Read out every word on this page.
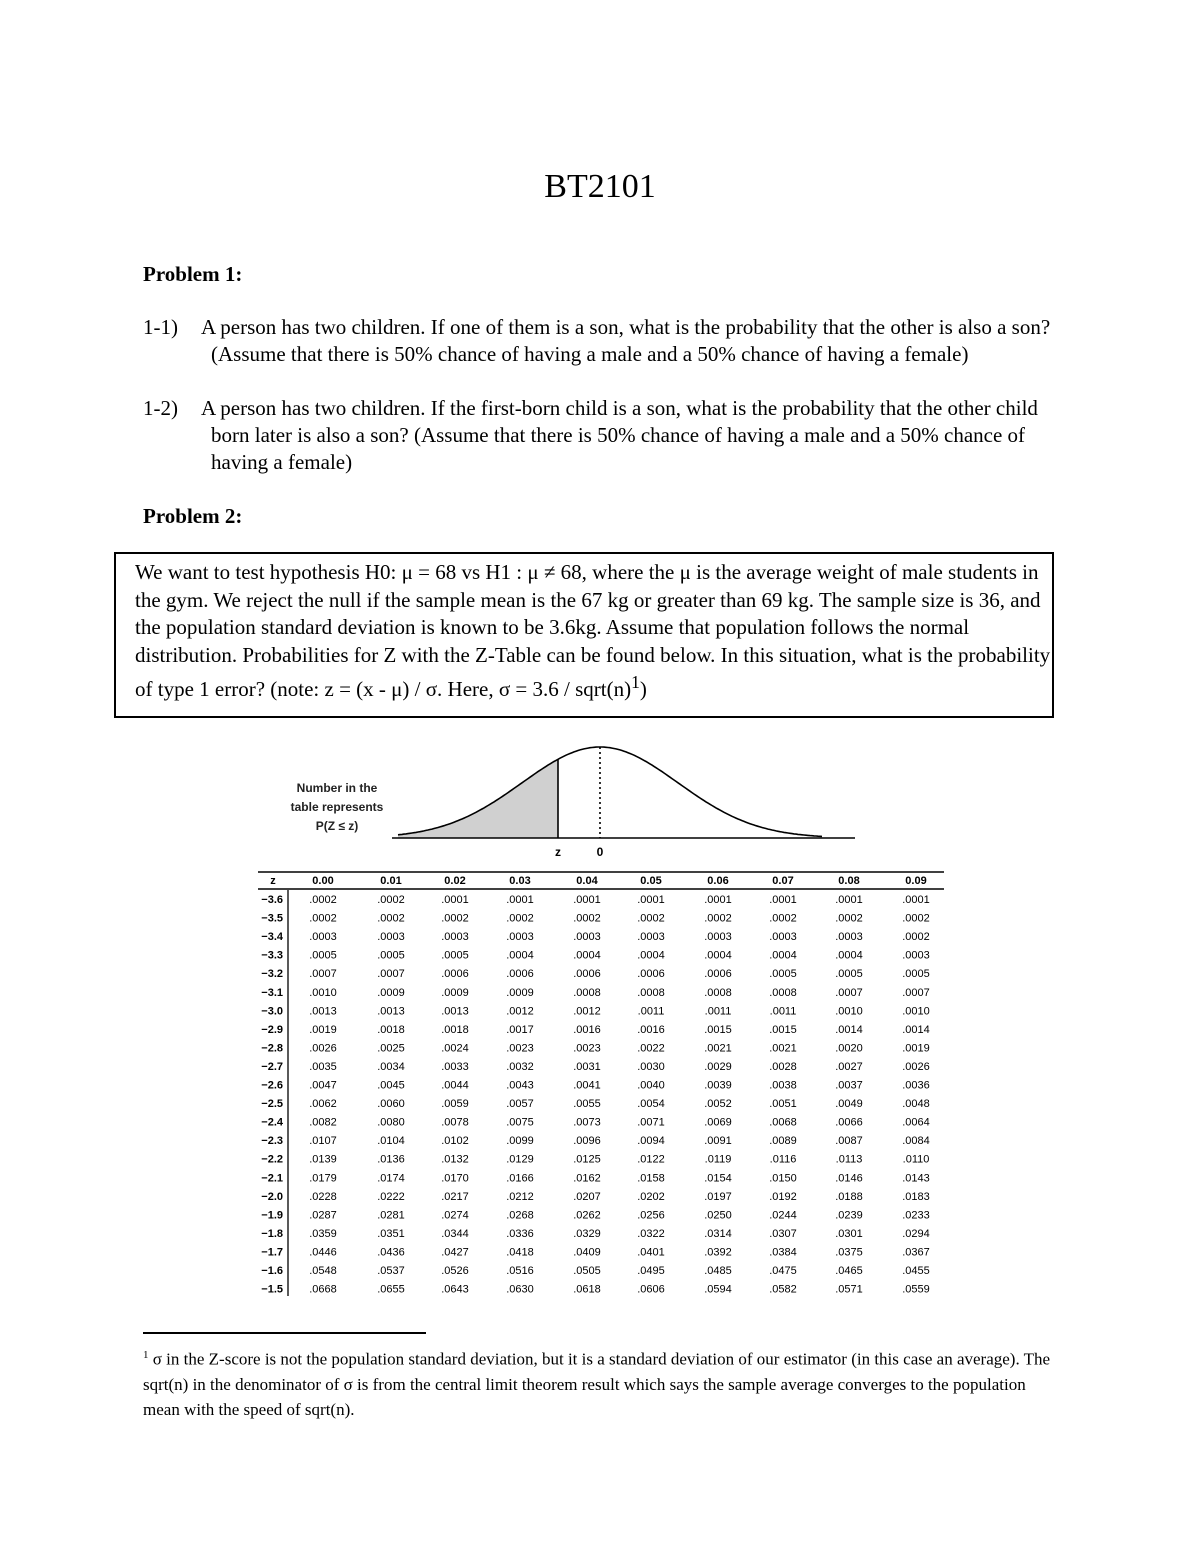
BT2101
Problem 1:
1-1)	A person has two children. If one of them is a son, what is the probability that the other is also a son? (Assume that there is 50% chance of having a male and a 50% chance of having a female)
1-2)	A person has two children. If the first-born child is a son, what is the probability that the other child born later is also a son? (Assume that there is 50% chance of having a male and a 50% chance of having a female)
Problem 2:
We want to test hypothesis H0: μ = 68 vs H1 : μ ≠ 68, where the μ is the average weight of male students in the gym. We reject the null if the sample mean is the 67 kg or greater than 69 kg. The sample size is 36, and the population standard deviation is known to be 3.6kg. Assume that population follows the normal distribution. Probabilities for Z with the Z-Table can be found below. In this situation, what is the probability of type 1 error? (note: z = (x - μ) / σ. Here, $\sigma = 3.6 / sqrt(n)^1$)
z	0
Number in the
table represents
P(Z ≤ z)
z	0.00	0.01	0.02	0.03	0.04	0.05	0.06	0.07	0.08	0.09
−3.6 .0002	.0002	.0001	.0001	.0001	.0001	.0001	.0001	.0001	.0001
−3.5 .0002	.0002	.0002	.0002	.0002	.0002	.0002	.0002	.0002	.0002
−3.4 .0003	.0003	.0003	.0003	.0003	.0003	.0003	.0003	.0003	.0002
−3.3 .0005	.0005	.0005	.0004	.0004	.0004	.0004	.0004	.0004	.0003
−3.2 .0007	.0007	.0006	.0006	.0006	.0006	.0006	.0005	.0005	.0005
−3.1 .0010	.0009	.0009	.0009	.0008	.0008	.0008	.0008	.0007	.0007
−3.0 .0013	.0013	.0013	.0012	.0012	.0011	.0011	.0011	.0010	.0010
−2.9 .0019	.0018	.0018	.0017	.0016	.0016	.0015	.0015	.0014	.0014
−2.8 .0026	.0025	.0024	.0023	.0023	.0022	.0021	.0021	.0020	.0019
−2.7 .0035	.0034	.0033	.0032	.0031	.0030	.0029	.0028	.0027	.0026
−2.6 .0047	.0045	.0044	.0043	.0041	.0040	.0039	.0038	.0037	.0036
−2.5 .0062	.0060	.0059	.0057	.0055	.0054	.0052	.0051	.0049	.0048
−2.4 .0082	.0080	.0078	.0075	.0073	.0071	.0069	.0068	.0066	.0064
−2.3 .0107	.0104	.0102	.0099	.0096	.0094	.0091	.0089	.0087	.0084
−2.2 .0139	.0136	.0132	.0129	.0125	.0122	.0119	.0116	.0113	.0110
−2.1 .0179	.0174	.0170	.0166	.0162	.0158	.0154	.0150	.0146	.0143
−2.0 .0228	.0222	.0217	.0212	.0207	.0202	.0197	.0192	.0188	.0183
−1.9 .0287	.0281	.0274	.0268	.0262	.0256	.0250	.0244	.0239	.0233
−1.8 .0359	.0351	.0344	.0336	.0329	.0322	.0314	.0307	.0301	.0294
−1.7 .0446	.0436	.0427	.0418	.0409	.0401	.0392	.0384	.0375	.0367
−1.6 .0548	.0537	.0526	.0516	.0505	.0495	.0485	.0475	.0465	.0455
−1.5 .0668	.0655	.0643	.0630	.0618	.0606	.0594	.0582	.0571	.0559
$^1$ σ in the Z-score is not the population standard deviation, but it is a standard deviation of our estimator (in this case an average). The sqrt(n) in the denominator of σ is from the central limit theorem result which says the sample average converges to the population mean with the speed of sqrt(n).
